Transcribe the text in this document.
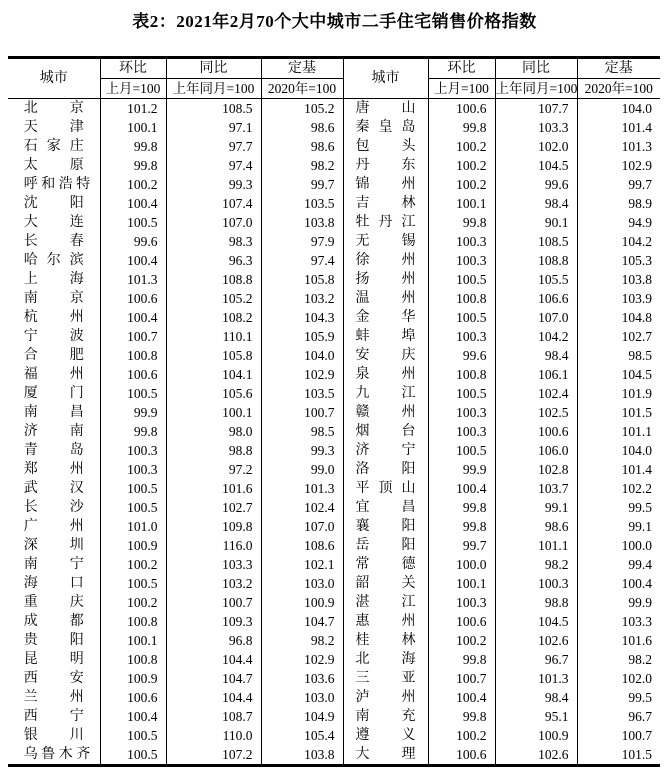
表2：2021年2月70个大中城市二手住宅销售价格指数
城市	环比	同比	定基	城市	环比	同比	定基
	上月=100	上年同月=100	2020年=100		上月=100	上年同月=100	2020年=100
北 京	101.2	108.5	105.2	唐 山	100.6	107.7	104.0
天 津	100.1	97.1	98.6	秦 皇 岛	99.8	103.3	101.4
石 家 庄	99.8	97.7	98.6	包 头	100.2	102.0	101.3
太 原	99.8	97.4	98.2	丹 东	100.2	104.5	102.9
呼 和 浩 特	100.2	99.3	99.7	锦 州	100.2	99.6	99.7
沈 阳	100.4	107.4	103.5	吉 林	100.1	98.4	98.9
大 连	100.5	107.0	103.8	牡 丹 江	99.8	90.1	94.9
长 春	99.6	98.3	97.9	无 锡	100.3	108.5	104.2
哈 尔 滨	100.4	96.3	97.4	徐 州	100.3	108.8	105.3
上 海	101.3	108.8	105.8	扬 州	100.5	105.5	103.8
南 京	100.6	105.2	103.2	温 州	100.8	106.6	103.9
杭 州	100.4	108.2	104.3	金 华	100.5	107.0	104.8
宁 波	100.7	110.1	105.9	蚌 埠	100.3	104.2	102.7
合 肥	100.8	105.8	104.0	安 庆	99.6	98.4	98.5
福 州	100.6	104.1	102.9	泉 州	100.8	106.1	104.5
厦 门	100.5	105.6	103.5	九 江	100.5	102.4	101.9
南 昌	99.9	100.1	100.7	赣 州	100.3	102.5	101.5
济 南	99.8	98.0	98.5	烟 台	100.3	100.6	101.1
青 岛	100.3	98.8	99.3	济 宁	100.5	106.0	104.0
郑 州	100.3	97.2	99.0	洛 阳	99.9	102.8	101.4
武 汉	100.5	101.6	101.3	平 顶 山	100.4	103.7	102.2
长 沙	100.5	102.7	102.4	宜 昌	99.8	99.1	99.5
广 州	101.0	109.8	107.0	襄 阳	99.8	98.6	99.1
深 圳	100.9	116.0	108.6	岳 阳	99.7	101.1	100.0
南 宁	100.2	103.3	102.1	常 德	100.0	98.2	99.4
海 口	100.5	103.2	103.0	韶 关	100.1	100.3	100.4
重 庆	100.2	100.7	100.9	湛 江	100.3	98.8	99.9
成 都	100.8	109.3	104.7	惠 州	100.6	104.5	103.3
贵 阳	100.1	96.8	98.2	桂 林	100.2	102.6	101.6
昆 明	100.8	104.4	102.9	北 海	99.8	96.7	98.2
西 安	100.9	104.7	103.6	三 亚	100.7	101.3	102.0
兰 州	100.6	104.4	103.0	泸 州	100.4	98.4	99.5
西 宁	100.4	108.7	104.9	南 充	99.8	95.1	96.7
银 川	100.5	110.0	105.4	遵 义	100.2	100.9	100.7
乌 鲁 木 齐	100.5	107.2	103.8	大 理	100.6	102.6	101.5
